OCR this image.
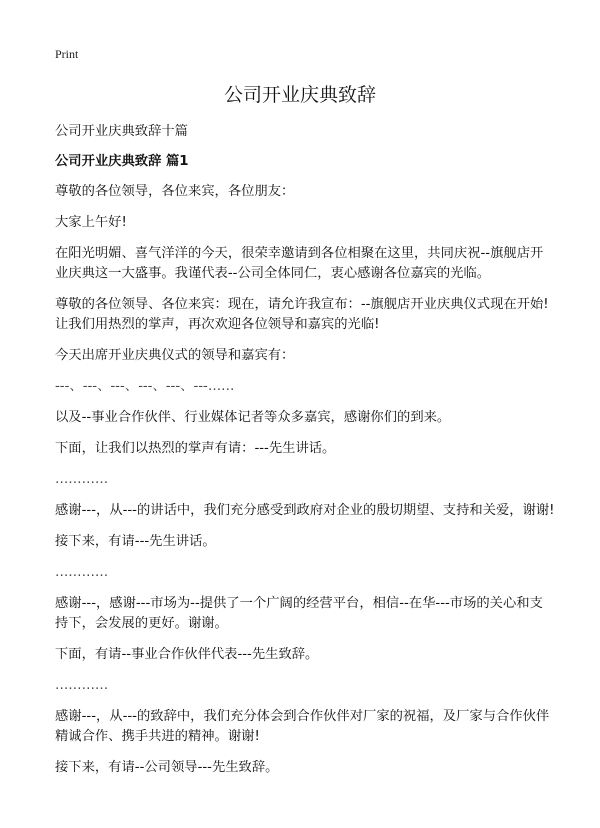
Print
公司开业庆典致辞

公司开业庆典致辞十篇

公司开业庆典致辞 篇1

尊敬的各位领导，各位来宾，各位朋友：

大家上午好!

在阳光明媚、喜气洋洋的今天，很荣幸邀请到各位相聚在这里，共同庆祝--旗舰店开业庆典这一大盛事。我谨代表--公司全体同仁，衷心感谢各位嘉宾的光临。

尊敬的各位领导、各位来宾：现在，请允许我宣布：--旗舰店开业庆典仪式现在开始!让我们用热烈的掌声，再次欢迎各位领导和嘉宾的光临!

今天出席开业庆典仪式的领导和嘉宾有：

---、---、---、---、---、---……

以及--事业合作伙伴、行业媒体记者等众多嘉宾，感谢你们的到来。

下面，让我们以热烈的掌声有请：---先生讲话。

…………

感谢---，从---的讲话中，我们充分感受到政府对企业的殷切期望、支持和关爱，谢谢!

接下来，有请---先生讲话。

…………

感谢---，感谢---市场为--提供了一个广阔的经营平台，相信--在华---市场的关心和支持下，会发展的更好。谢谢。

下面，有请--事业合作伙伴代表---先生致辞。

…………

感谢---，从---的致辞中，我们充分体会到合作伙伴对厂家的祝福，及厂家与合作伙伴精诚合作、携手共进的精神。谢谢!

接下来，有请--公司领导---先生致辞。
